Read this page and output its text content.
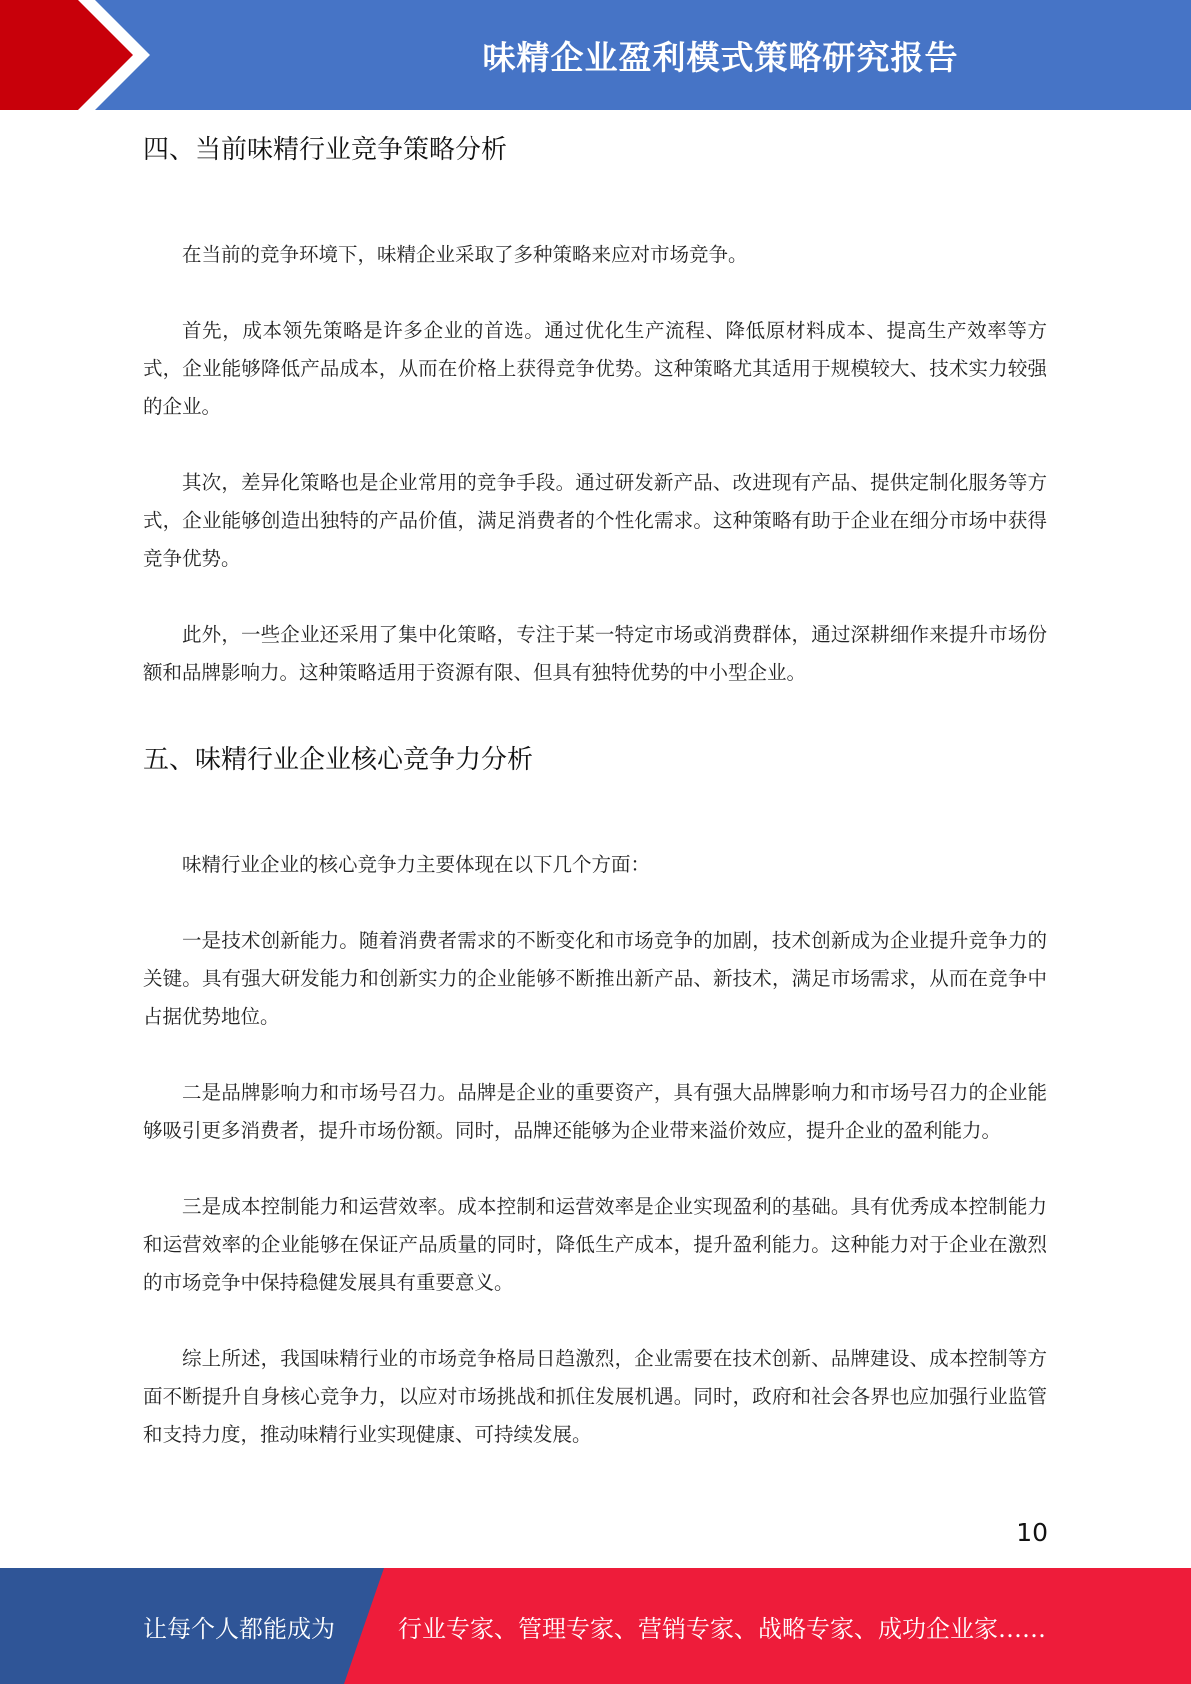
味精企业盈利模式策略研究报告
四、当前味精行业竞争策略分析

在当前的竞争环境下，味精企业采取了多种策略来应对市场竞争。

首先，成本领先策略是许多企业的首选。通过优化生产流程、降低原材料成本、提高生产效率等方式，企业能够降低产品成本，从而在价格上获得竞争优势。这种策略尤其适用于规模较大、技术实力较强的企业。

其次，差异化策略也是企业常用的竞争手段。通过研发新产品、改进现有产品、提供定制化服务等方式，企业能够创造出独特的产品价值，满足消费者的个性化需求。这种策略有助于企业在细分市场中获得竞争优势。

此外，一些企业还采用了集中化策略，专注于某一特定市场或消费群体，通过深耕细作来提升市场份额和品牌影响力。这种策略适用于资源有限、但具有独特优势的中小型企业。

五、味精行业企业核心竞争力分析

味精行业企业的核心竞争力主要体现在以下几个方面：

一是技术创新能力。随着消费者需求的不断变化和市场竞争的加剧，技术创新成为企业提升竞争力的关键。具有强大研发能力和创新实力的企业能够不断推出新产品、新技术，满足市场需求，从而在竞争中占据优势地位。

二是品牌影响力和市场号召力。品牌是企业的重要资产，具有强大品牌影响力和市场号召力的企业能够吸引更多消费者，提升市场份额。同时，品牌还能够为企业带来溢价效应，提升企业的盈利能力。

三是成本控制能力和运营效率。成本控制和运营效率是企业实现盈利的基础。具有优秀成本控制能力和运营效率的企业能够在保证产品质量的同时，降低生产成本，提升盈利能力。这种能力对于企业在激烈的市场竞争中保持稳健发展具有重要意义。

综上所述，我国味精行业的市场竞争格局日趋激烈，企业需要在技术创新、品牌建设、成本控制等方面不断提升自身核心竞争力，以应对市场挑战和抓住发展机遇。同时，政府和社会各界也应加强行业监管和支持力度，推动味精行业实现健康、可持续发展。

10
让每个人都能成为	行业专家、管理专家、营销专家、战略专家、成功企业家……
